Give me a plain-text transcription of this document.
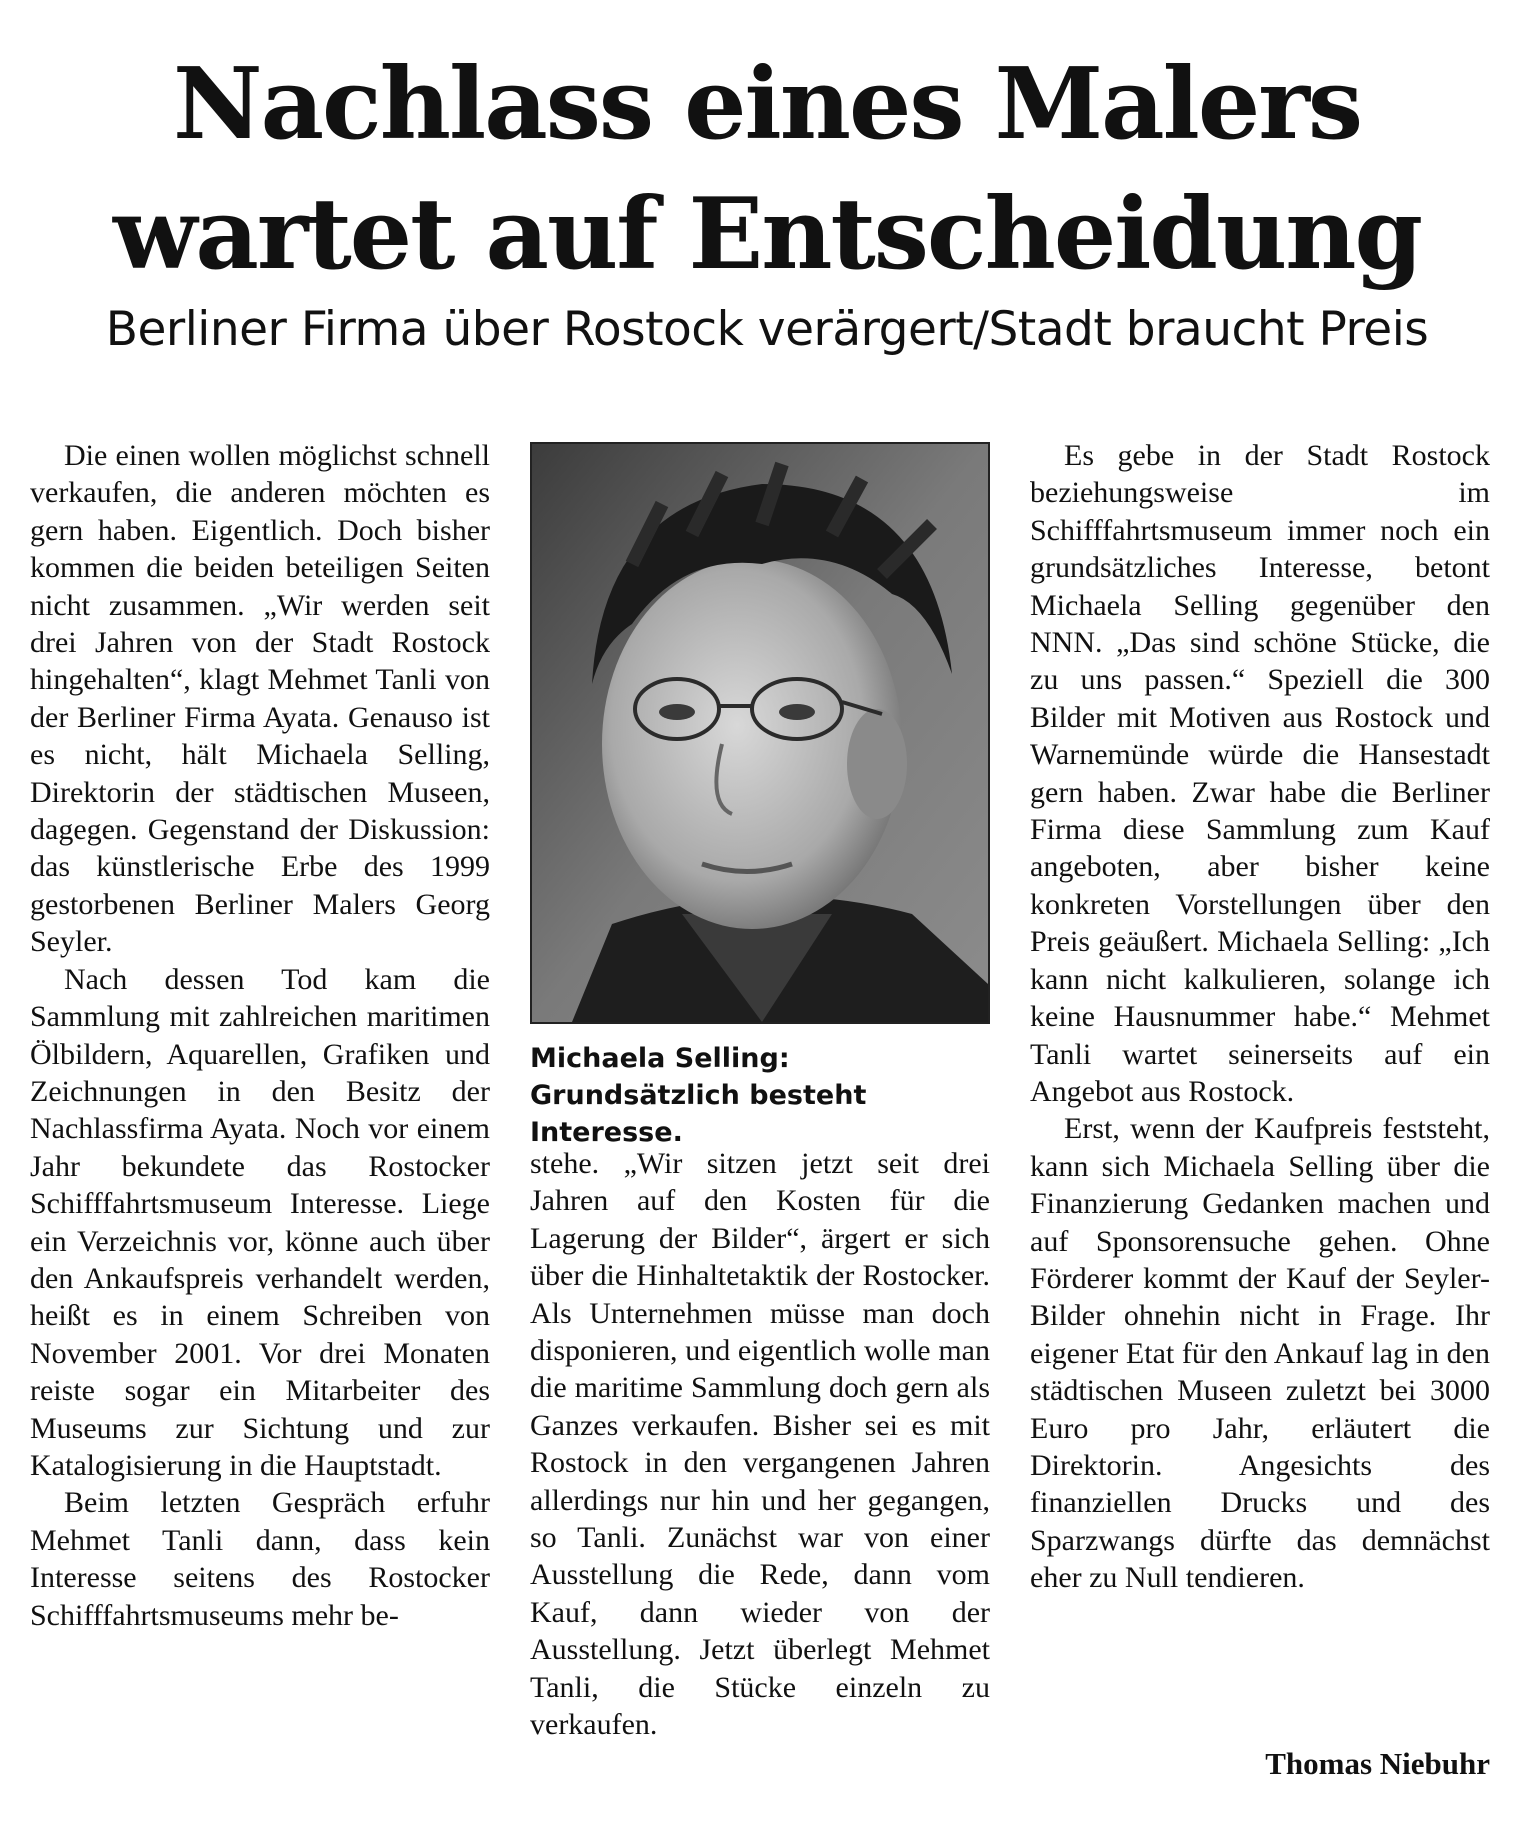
Nachlass eines Malers
wartet auf Entscheidung
Berliner Firma über Rostock verärgert/Stadt braucht Preis

Die einen wollen möglichst schnell verkaufen, die anderen möchten es gern haben. Eigentlich. Doch bisher kommen die beiden beteiligen Seiten nicht zusammen. „Wir werden seit drei Jahren von der Stadt Rostock hingehalten“, klagt Mehmet Tanli von der Berliner Firma Ayata. Genauso ist es nicht, hält Michaela Selling, Direktorin der städtischen Museen, dagegen. Gegenstand der Diskussion: das künstlerische Erbe des 1999 gestorbenen Berliner Malers Georg Seyler.

Nach dessen Tod kam die Sammlung mit zahlreichen maritimen Ölbildern, Aquarellen, Grafiken und Zeichnungen in den Besitz der Nachlassfirma Ayata. Noch vor einem Jahr bekundete das Rostocker Schifffahrtsmuseum Interesse. Liege ein Verzeichnis vor, könne auch über den Ankaufspreis verhandelt werden, heißt es in einem Schreiben von November 2001. Vor drei Monaten reiste sogar ein Mitarbeiter des Museums zur Sichtung und zur Katalogisierung in die Hauptstadt.

Beim letzten Gespräch erfuhr Mehmet Tanli dann, dass kein Interesse seitens des Rostocker Schifffahrtsmuseums mehr be-

Michaela Selling: Grundsätzlich besteht Interesse.

stehe. „Wir sitzen jetzt seit drei Jahren auf den Kosten für die Lagerung der Bilder“, ärgert er sich über die Hinhaltetaktik der Rostocker. Als Unternehmen müsse man doch disponieren, und eigentlich wolle man die maritime Sammlung doch gern als Ganzes verkaufen. Bisher sei es mit Rostock in den vergangenen Jahren allerdings nur hin und her gegangen, so Tanli. Zunächst war von einer Ausstellung die Rede, dann vom Kauf, dann wieder von der Ausstellung. Jetzt überlegt Mehmet Tanli, die Stücke einzeln zu verkaufen.

Es gebe in der Stadt Rostock beziehungsweise im Schifffahrtsmuseum immer noch ein grundsätzliches Interesse, betont Michaela Selling gegenüber den NNN. „Das sind schöne Stücke, die zu uns passen.“ Speziell die 300 Bilder mit Motiven aus Rostock und Warnemünde würde die Hansestadt gern haben. Zwar habe die Berliner Firma diese Sammlung zum Kauf angeboten, aber bisher keine konkreten Vorstellungen über den Preis geäußert. Michaela Selling: „Ich kann nicht kalkulieren, solange ich keine Hausnummer habe.“ Mehmet Tanli wartet seinerseits auf ein Angebot aus Rostock.

Erst, wenn der Kaufpreis feststeht, kann sich Michaela Selling über die Finanzierung Gedanken machen und auf Sponsorensuche gehen. Ohne Förderer kommt der Kauf der Seyler-Bilder ohnehin nicht in Frage. Ihr eigener Etat für den Ankauf lag in den städtischen Museen zuletzt bei 3000 Euro pro Jahr, erläutert die Direktorin. Angesichts des finanziellen Drucks und des Sparzwangs dürfte das demnächst eher zu Null tendieren.

Thomas Niebuhr
